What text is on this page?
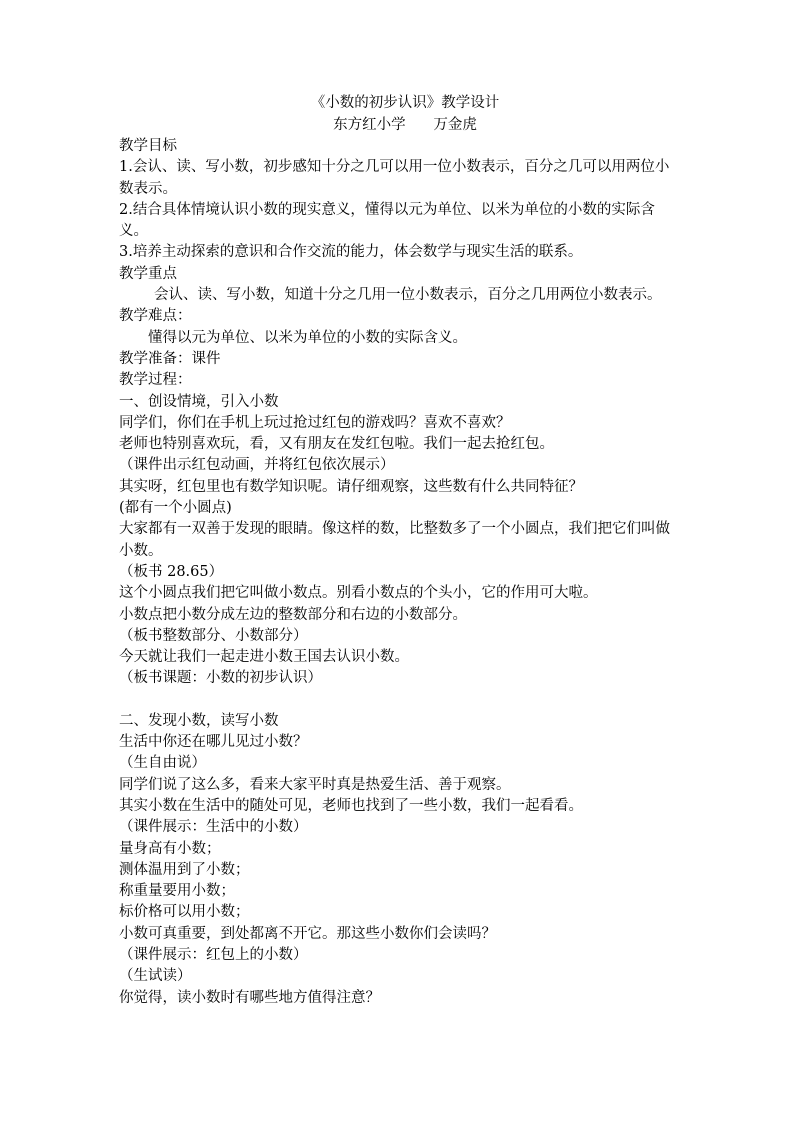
《小数的初步认识》教学设计
东方红小学      万金虎
教学目标
1.会认、读、写小数，初步感知十分之几可以用一位小数表示，百分之几可以用两位小数表示。
2.结合具体情境认识小数的现实意义，懂得以元为单位、以米为单位的小数的实际含义。
3.培养主动探索的意识和合作交流的能力，体会数学与现实生活的联系。
教学重点
会认、读、写小数，知道十分之几用一位小数表示，百分之几用两位小数表示。
教学难点：
懂得以元为单位、以米为单位的小数的实际含义。
教学准备：课件
教学过程：
一、创设情境，引入小数
同学们，你们在手机上玩过抢过红包的游戏吗？喜欢不喜欢？
老师也特别喜欢玩，看，又有朋友在发红包啦。我们一起去抢红包。
（课件出示红包动画，并将红包依次展示）
其实呀，红包里也有数学知识呢。请仔细观察，这些数有什么共同特征？
(都有一个小圆点)
大家都有一双善于发现的眼睛。像这样的数，比整数多了一个小圆点，我们把它们叫做小数。
（板书 28.65）
这个小圆点我们把它叫做小数点。别看小数点的个头小，它的作用可大啦。
小数点把小数分成左边的整数部分和右边的小数部分。
（板书整数部分、小数部分）
今天就让我们一起走进小数王国去认识小数。
（板书课题：小数的初步认识）
二、发现小数，读写小数
生活中你还在哪儿见过小数？
（生自由说）
同学们说了这么多，看来大家平时真是热爱生活、善于观察。
其实小数在生活中的随处可见，老师也找到了一些小数，我们一起看看。
（课件展示：生活中的小数）
量身高有小数；
测体温用到了小数；
称重量要用小数；
标价格可以用小数；
小数可真重要，到处都离不开它。那这些小数你们会读吗？
（课件展示：红包上的小数）
（生试读）
你觉得，读小数时有哪些地方值得注意？
